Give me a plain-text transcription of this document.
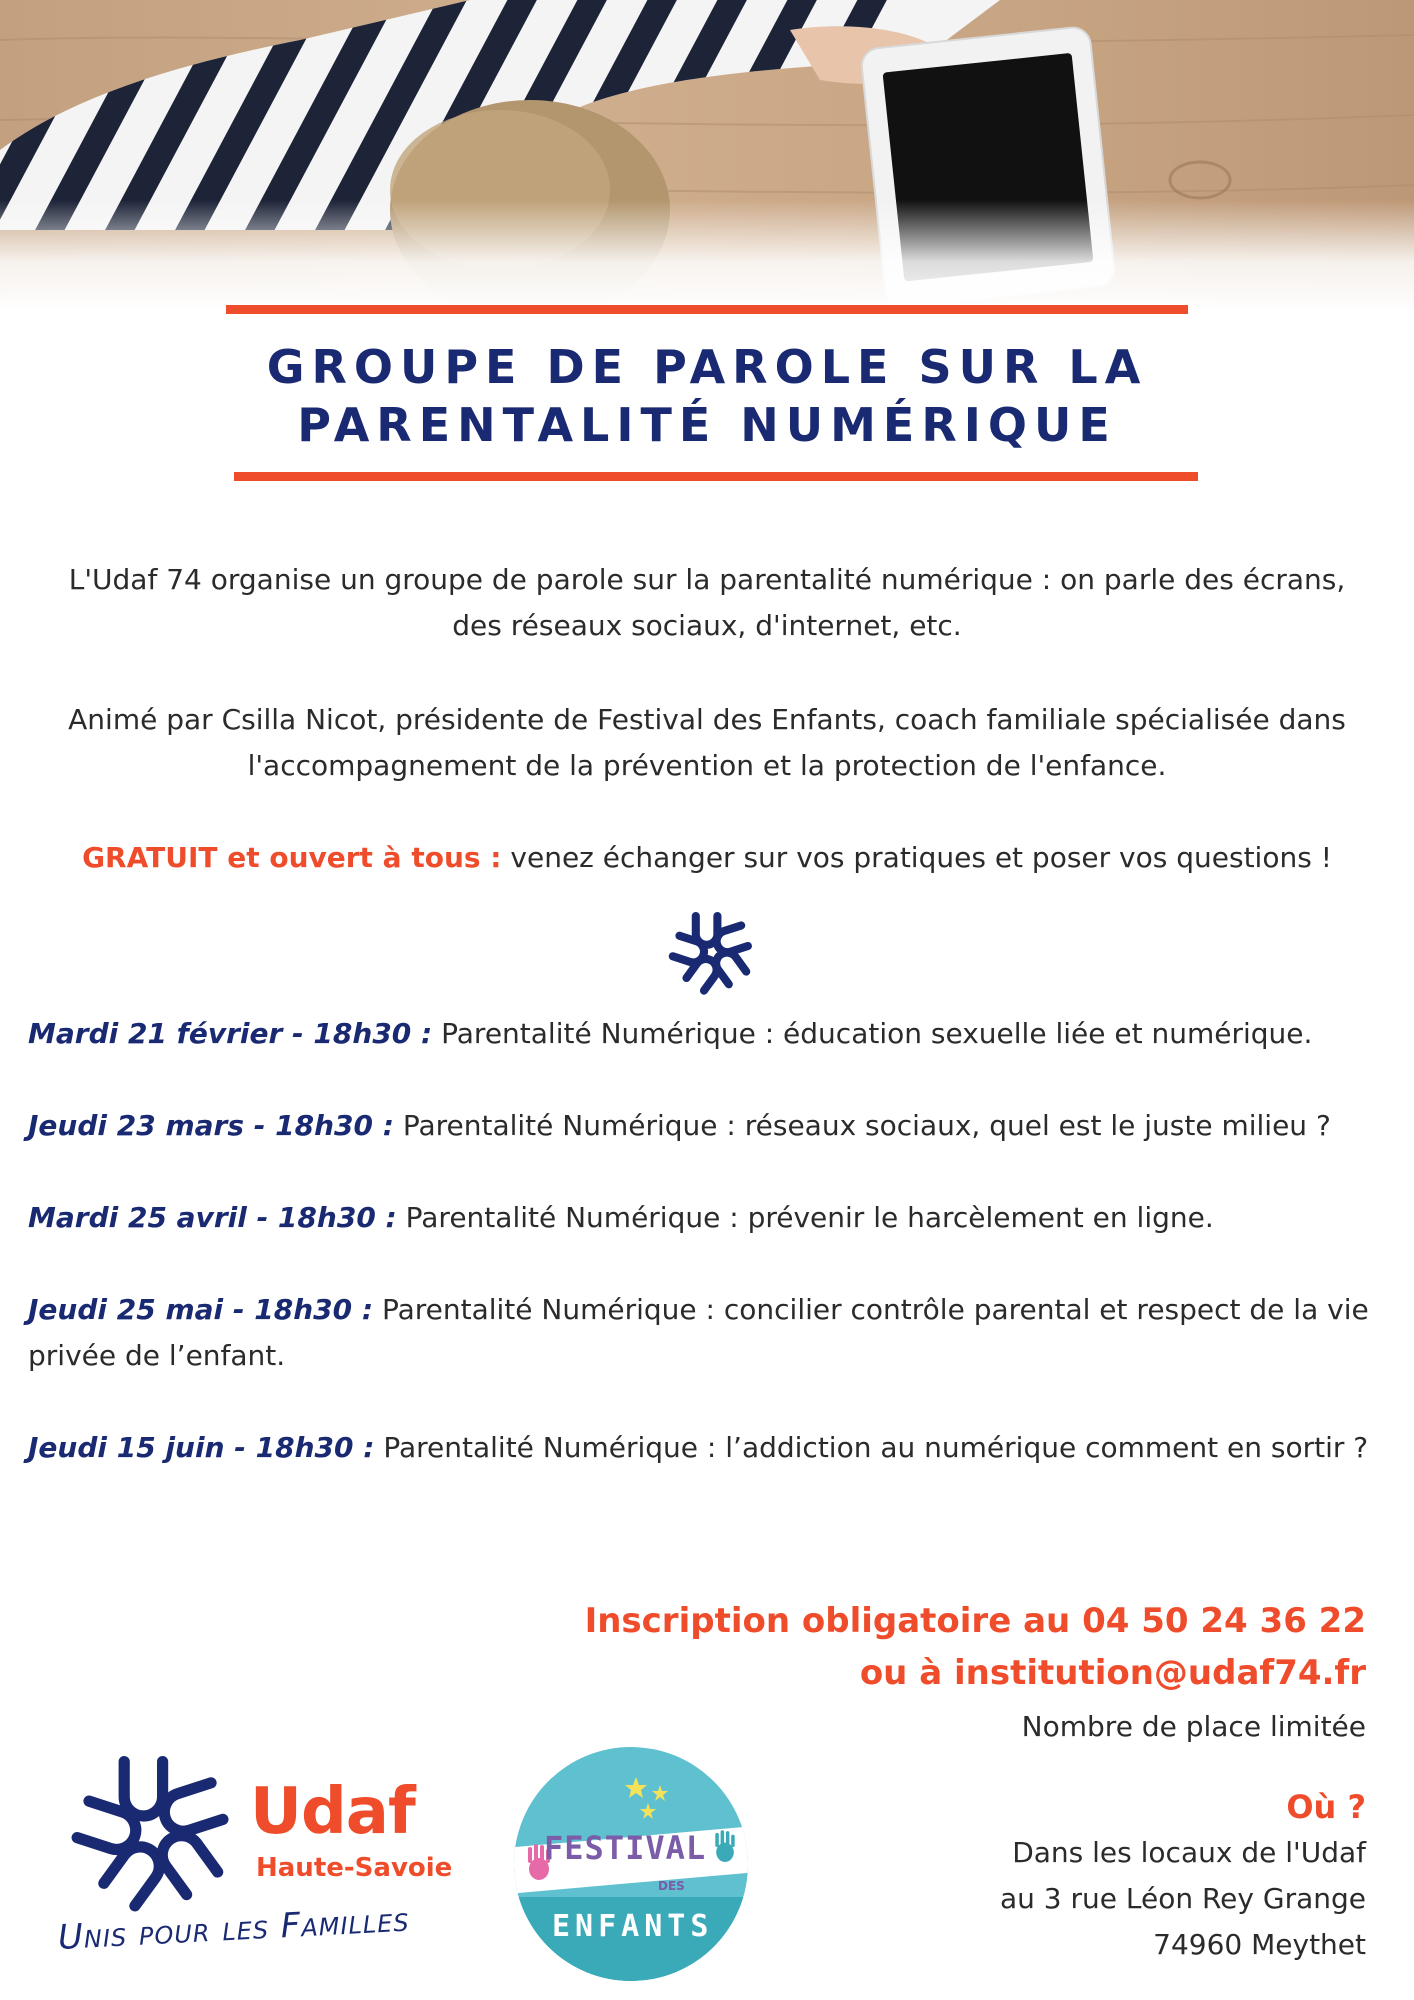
GROUPE DE PAROLE SUR LA
PARENTALITÉ NUMÉRIQUE
L'Udaf 74 organise un groupe de parole sur la parentalité numérique : on parle des écrans, des réseaux sociaux, d'internet, etc.
Animé par Csilla Nicot, présidente de Festival des Enfants, coach familiale spécialisée dans l'accompagnement de la prévention et la protection de l'enfance.
GRATUIT et ouvert à tous : venez échanger sur vos pratiques et poser vos questions !
Mardi 21 février - 18h30 : Parentalité Numérique : éducation sexuelle liée et numérique.
Jeudi 23 mars - 18h30 : Parentalité Numérique : réseaux sociaux, quel est le juste milieu ?
Mardi 25 avril - 18h30 : Parentalité Numérique : prévenir le harcèlement en ligne.
Jeudi 25 mai - 18h30 : Parentalité Numérique : concilier contrôle parental et respect de la vie privée de l’enfant.
Jeudi 15 juin - 18h30 : Parentalité Numérique : l’addiction au numérique comment en sortir ?
Inscription obligatoire au 04 50 24 36 22
ou à institution@udaf74.fr
Nombre de place limitée
Où ?
Dans les locaux de l'Udaf
au 3 rue Léon Rey Grange
74960 Meythet
Udaf
Haute-Savoie
Unis pour les Familles
FESTIVAL
DES
ENFANTS
